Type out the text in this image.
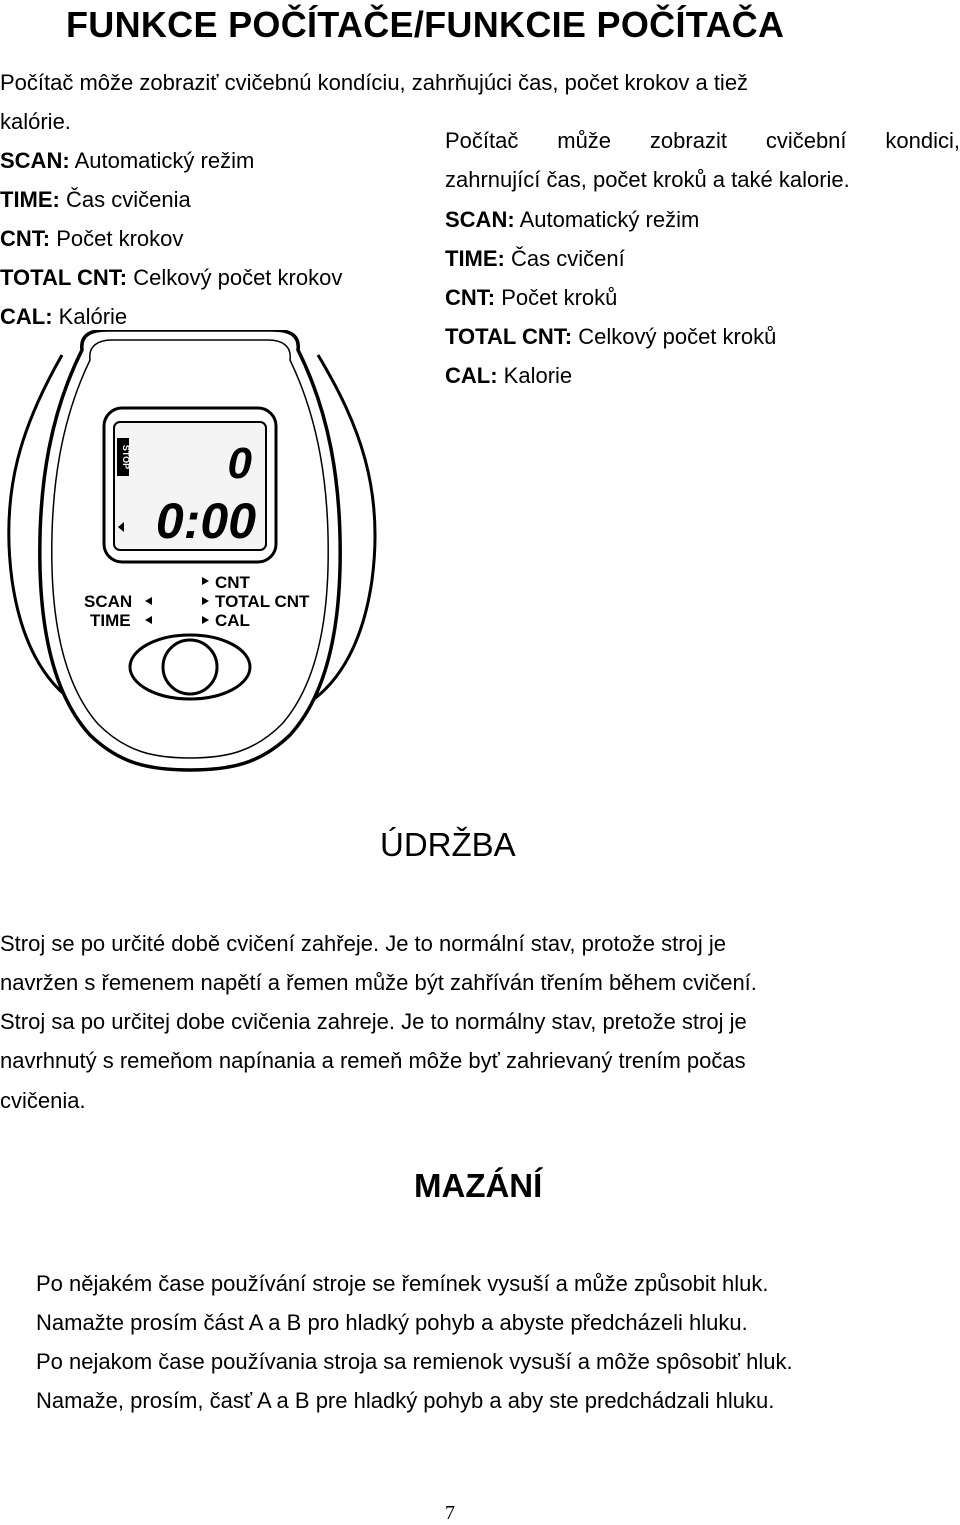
FUNKCE POČÍTAČE/FUNKCIE POČÍTAČA
Počítač môže zobraziť cvičebnú kondíciu, zahrňujúci čas, počet krokov a tiež
kalórie.
SCAN: Automatický režim
TIME: Čas cvičenia
CNT: Počet krokov
TOTAL CNT: Celkový počet krokov
CAL: Kalórie
Počítač může zobrazit cvičební kondici,
zahrnující čas, počet kroků a také kalorie.
SCAN: Automatický režim
TIME: Čas cvičení
CNT: Počet kroků
TOTAL CNT: Celkový počet kroků
CAL: Kalorie
STOP 0
0:00
CNT
TOTAL CNT
CAL
SCAN
TIME
ÚDRŽBA
Stroj se po určité době cvičení zahřeje. Je to normální stav, protože stroj je
navržen s řemenem napětí a řemen může být zahříván třením během cvičení.
Stroj sa po určitej dobe cvičenia zahreje. Je to normálny stav, pretože stroj je
navrhnutý s remeňom napínania a remeň môže byť zahrievaný trením počas
cvičenia.
MAZÁNÍ
Po nějakém čase používání stroje se řemínek vysuší a může způsobit hluk.
Namažte prosím část A a B pro hladký pohyb a abyste předcházeli hluku.
Po nejakom čase používania stroja sa remienok vysuší a môže spôsobiť hluk.
Namaže, prosím, časť A a B pre hladký pohyb a aby ste predchádzali hluku.
7
